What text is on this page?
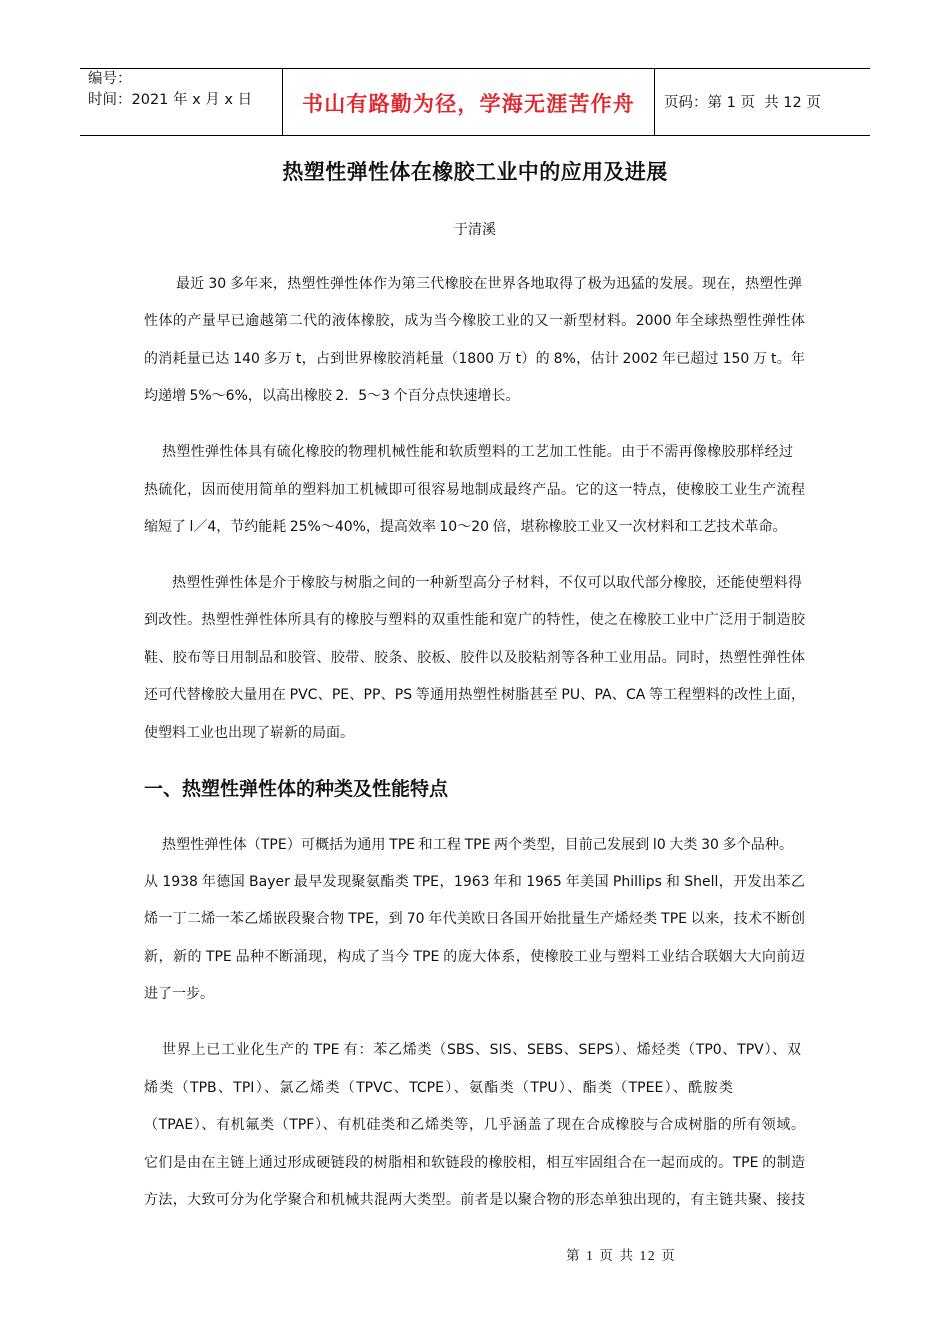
编号：
时间：2021 年 x 月 x 日	书山有路勤为径，学海无涯苦作舟	页码：第 1 页  共 12 页
热塑性弹性体在橡胶工业中的应用及进展
于清溪
最近 30 多年来，热塑性弹性体作为第三代橡胶在世界各地取得了极为迅猛的发展。现在，热塑性弹
性体的产量早已逾越第二代的液体橡胶，成为当今橡胶工业的又一新型材料。2000 年全球热塑性弹性体
的消耗量已达 140 多万 t，占到世界橡胶消耗量（1800 万 t）的 8%，估计 2002 年已超过 150 万 t。年
均递增 5%～6%，以高出橡胶 2．5～3 个百分点快速增长。
热塑性弹性体具有硫化橡胶的物理机械性能和软质塑料的工艺加工性能。由于不需再像橡胶那样经过
热硫化，因而使用简单的塑料加工机械即可很容易地制成最终产品。它的这一特点，使橡胶工业生产流程
缩短了 l／4，节约能耗 25%～40%，提高效率 10～20 倍，堪称橡胶工业又一次材料和工艺技术革命。
热塑性弹性体是介于橡胶与树脂之间的一种新型高分子材料，不仅可以取代部分橡胶，还能使塑料得
到改性。热塑性弹性体所具有的橡胶与塑料的双重性能和宽广的特性，使之在橡胶工业中广泛用于制造胶
鞋、胶布等日用制品和胶管、胶带、胶条、胶板、胶件以及胶粘剂等各种工业用品。同时，热塑性弹性体
还可代替橡胶大量用在 PVC、PE、PP、PS 等通用热塑性树脂甚至 PU、PA、CA 等工程塑料的改性上面，
使塑料工业也出现了崭新的局面。
一、热塑性弹性体的种类及性能特点
热塑性弹性体（TPE）可概括为通用 TPE 和工程 TPE 两个类型，目前己发展到 l0 大类 30 多个品种。
从 1938 年德国 Bayer 最早发现聚氨酯类 TPE，1963 年和 1965 年美国 Phillips 和 Shell，开发出苯乙
烯一丁二烯一苯乙烯嵌段聚合物 TPE，到 70 年代美欧日各国开始批量生产烯烃类 TPE 以来，技术不断创
新，新的 TPE 品种不断涌现，构成了当今 TPE 的庞大体系，使橡胶工业与塑料工业结合联姻大大向前迈
进了一步。
世界上已工业化生产的 TPE 有：苯乙烯类（SBS、SIS、SEBS、SEPS）、烯烃类（TP0、TPV）、双
烯类（TPB、TPI）、氯乙烯类（TPVC、TCPE）、氨酯类（TPU）、酯类（TPEE）、酰胺类
（TPAE）、有机氟类（TPF）、有机硅类和乙烯类等，几乎涵盖了现在合成橡胶与合成树脂的所有领域。
它们是由在主链上通过形成硬链段的树脂相和软链段的橡胶相，相互牢固组合在一起而成的。TPE 的制造
方法，大致可分为化学聚合和机械共混两大类型。前者是以聚合物的形态单独出现的，有主链共聚、接技
第 1 页 共 12 页
